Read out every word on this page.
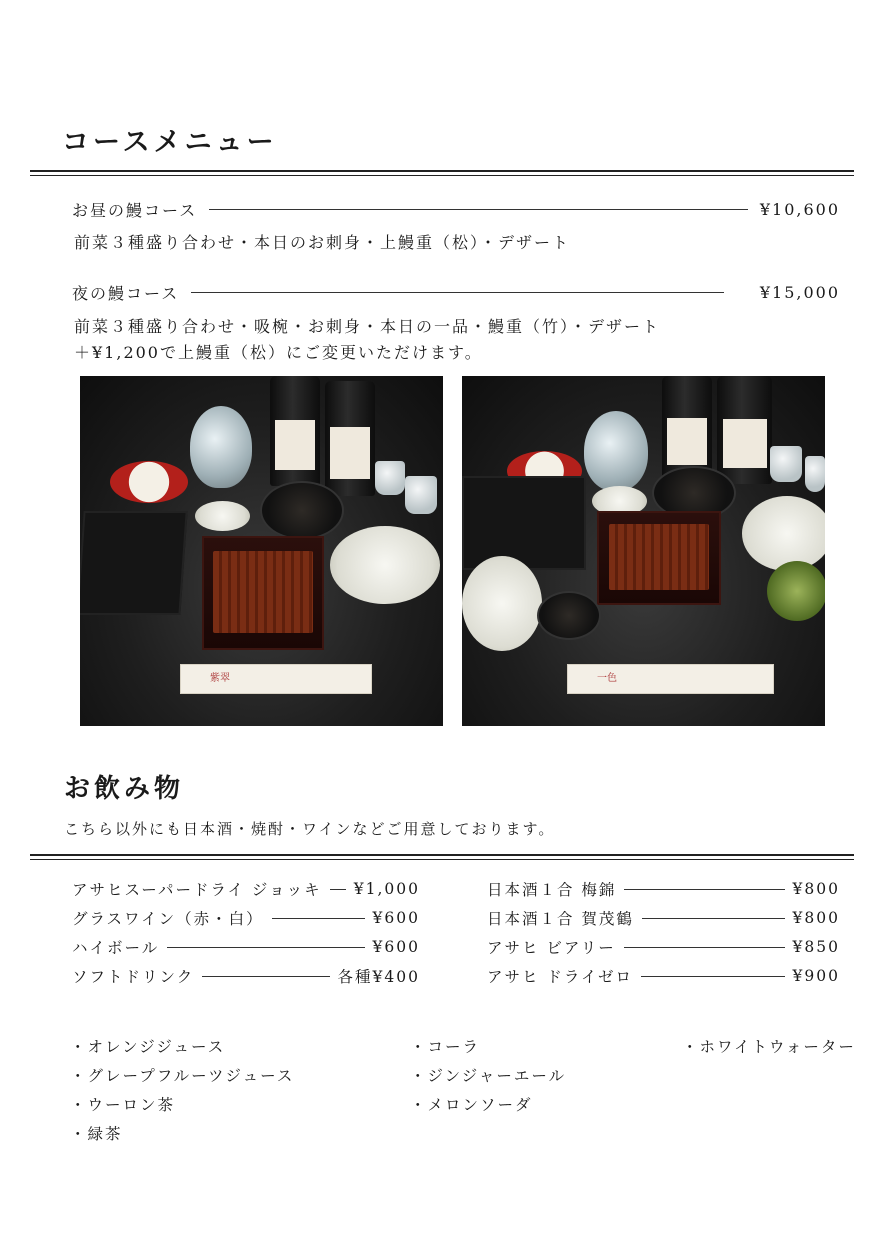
コースメニュー
お昼の鰻コース	¥10,600
前菜３種盛り合わせ・本日のお刺身・上鰻重（松）・デザート
夜の鰻コース	¥15,000
前菜３種盛り合わせ・吸椀・お刺身・本日の一品・鰻重（竹）・デザート
＋¥1,200で上鰻重（松）にご変更いただけます。
紫翠	一色
お飲み物
こちら以外にも日本酒・焼酎・ワインなどご用意しております。
アサヒスーパードライ ジョッキ ¥1,000
グラスワイン（赤・白）	¥600
ハイボール	¥600
ソフトドリンク	各種¥400
日本酒１合 梅錦	¥800
日本酒１合 賀茂鶴	¥800
アサヒ ビアリー	¥850
アサヒ ドライゼロ	¥900
・オレンジジュース
・グレープフルーツジュース
・ウーロン茶
・緑茶
・コーラ
・ジンジャーエール
・メロンソーダ
・ホワイトウォーター
